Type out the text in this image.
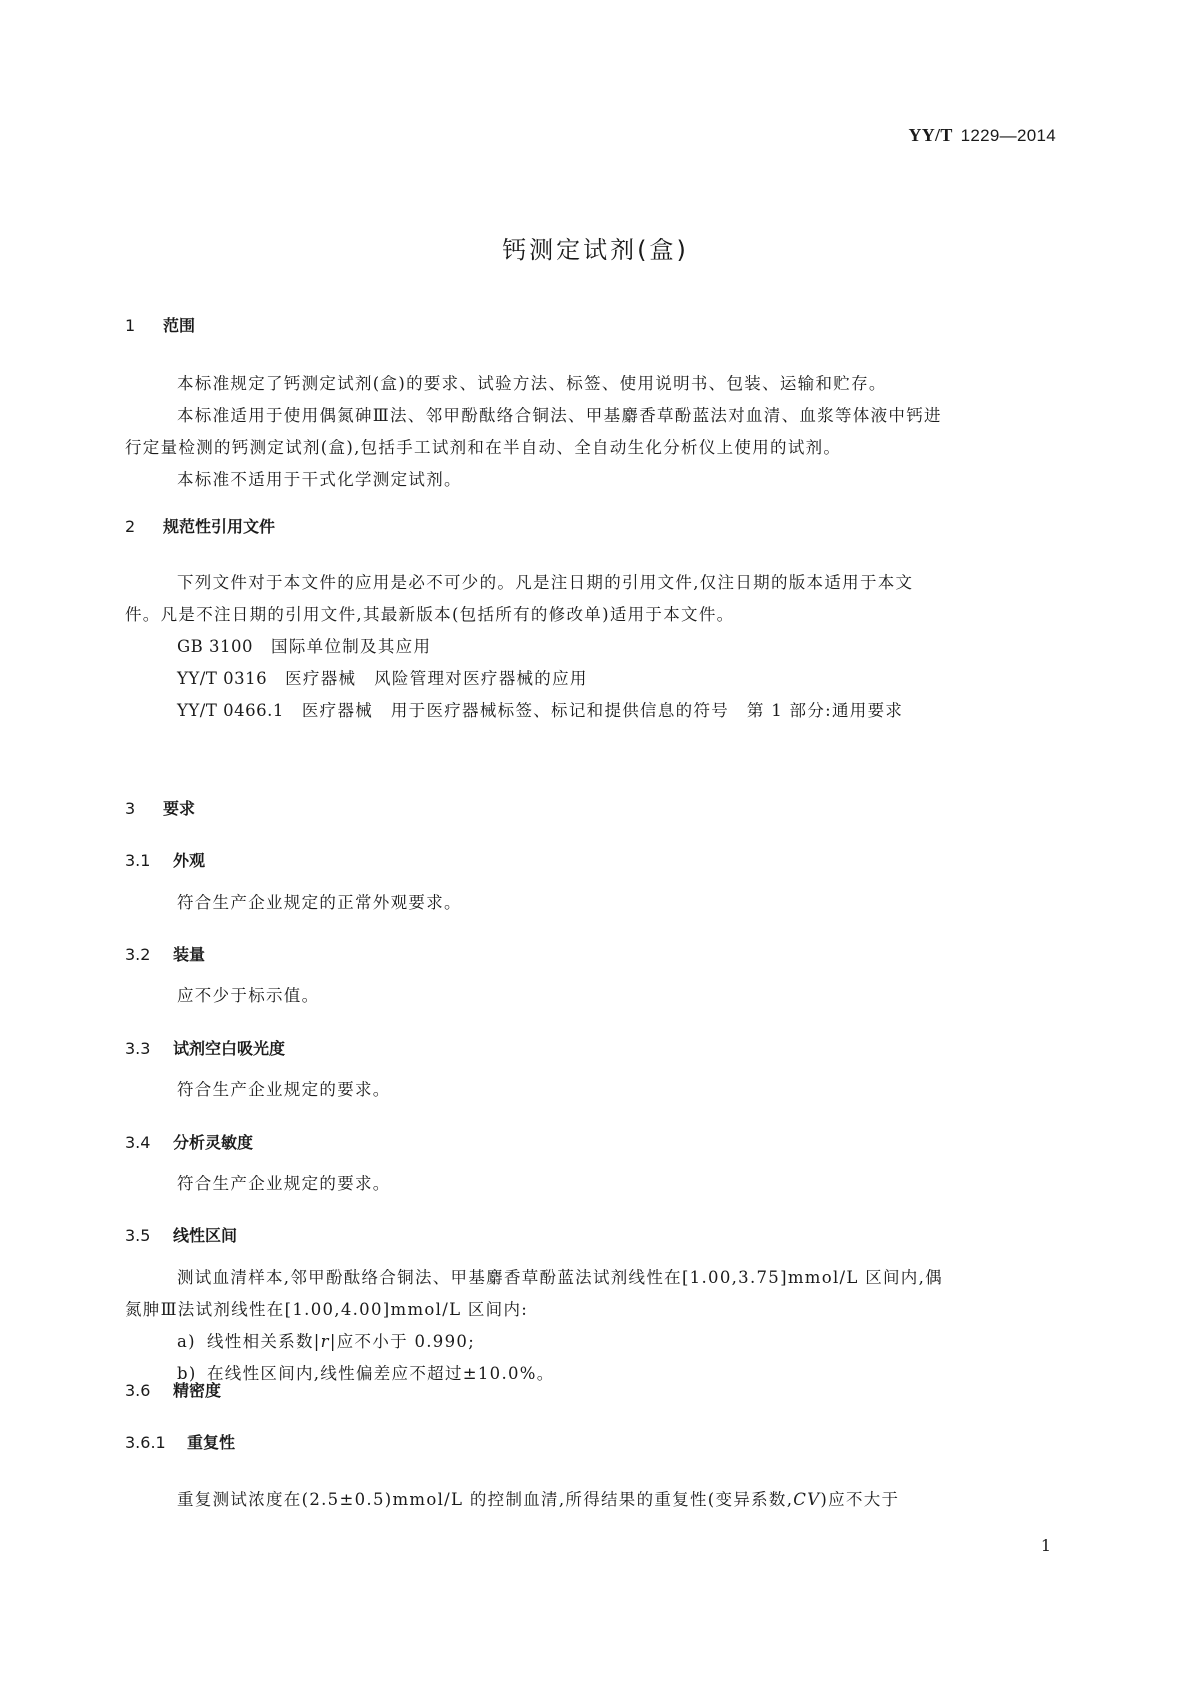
YY/T 1229—2014
钙测定试剂(盒)
1 范围
本标准规定了钙测定试剂(盒)的要求、试验方法、标签、使用说明书、包装、运输和贮存。
本标准适用于使用偶氮砷Ⅲ法、邻甲酚酞络合铜法、甲基麝香草酚蓝法对血清、血浆等体液中钙进
行定量检测的钙测定试剂(盒),包括手工试剂和在半自动、全自动生化分析仪上使用的试剂。
本标准不适用于干式化学测定试剂。
2 规范性引用文件
下列文件对于本文件的应用是必不可少的。凡是注日期的引用文件,仅注日期的版本适用于本文
件。凡是不注日期的引用文件,其最新版本(包括所有的修改单)适用于本文件。
GB 3100 国际单位制及其应用
YY/T 0316 医疗器械　风险管理对医疗器械的应用
YY/T 0466.1 医疗器械　用于医疗器械标签、标记和提供信息的符号　第 1 部分:通用要求
3 要求
3.1 外观
符合生产企业规定的正常外观要求。
3.2 装量
应不少于标示值。
3.3 试剂空白吸光度
符合生产企业规定的要求。
3.4 分析灵敏度
符合生产企业规定的要求。
3.5 线性区间
测试血清样本,邻甲酚酞络合铜法、甲基麝香草酚蓝法试剂线性在[1.00,3.75]mmol/L 区间内,偶
氮胂Ⅲ法试剂线性在[1.00,4.00]mmol/L 区间内:
a) 线性相关系数|r|应不小于 0.990;
b) 在线性区间内,线性偏差应不超过±10.0%。
3.6 精密度
3.6.1 重复性
重复测试浓度在(2.5±0.5)mmol/L 的控制血清,所得结果的重复性(变异系数,CV)应不大于
1
